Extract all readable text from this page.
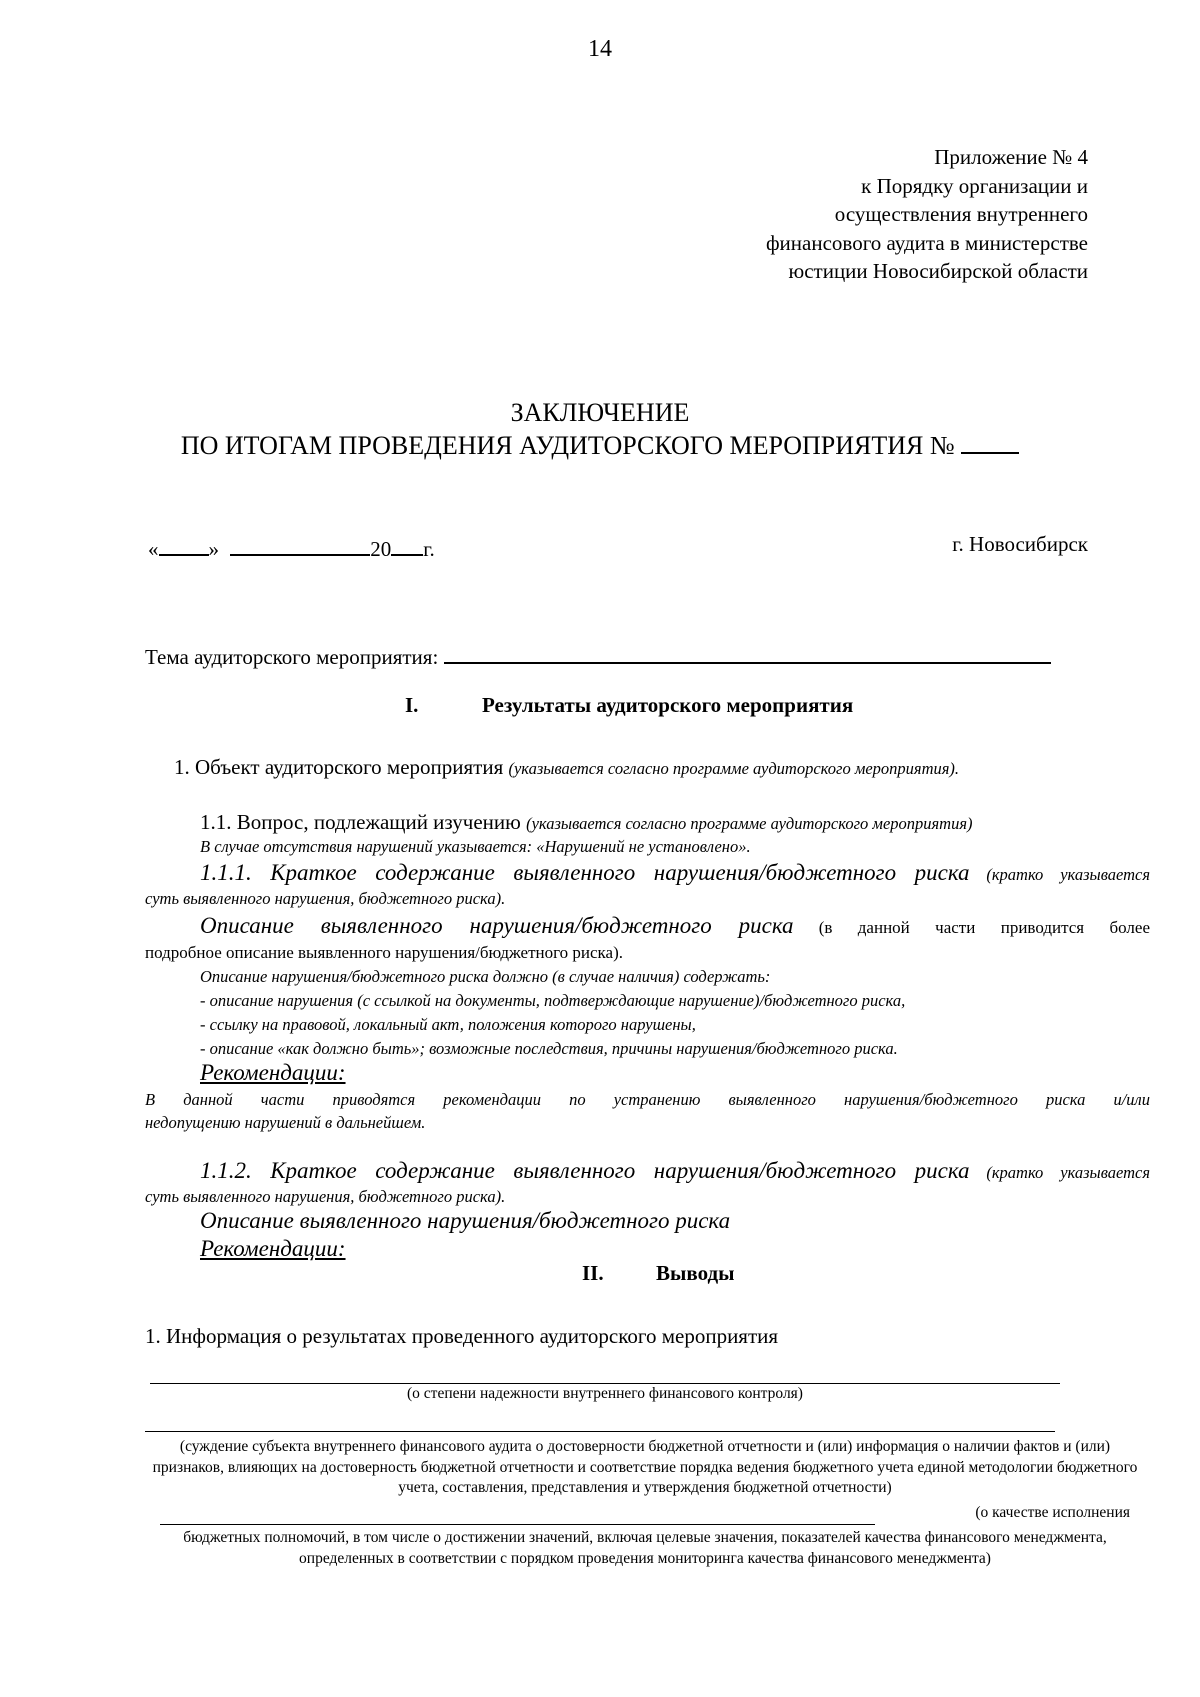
14
Приложение № 4
к Порядку организации и
осуществления внутреннего
финансового аудита в министерстве
юстиции Новосибирской области
ЗАКЛЮЧЕНИЕ
ПО ИТОГАМ ПРОВЕДЕНИЯ АУДИТОРСКОГО МЕРОПРИЯТИЯ №
« »	20 г.	г. Новосибирск
Тема аудиторского мероприятия:
I.	Результаты аудиторского мероприятия
1. Объект аудиторского мероприятия (указывается согласно программе аудиторского мероприятия).
1.1. Вопрос, подлежащий изучению (указывается согласно программе аудиторского мероприятия)
В случае отсутствия нарушений указывается: «Нарушений не установлено».
1.1.1. Краткое содержание выявленного нарушения/бюджетного риска (кратко указывается
суть выявленного нарушения, бюджетного риска).
Описание выявленного нарушения/бюджетного риска (в данной части приводится более
подробное описание выявленного нарушения/бюджетного риска).
Описание нарушения/бюджетного риска должно (в случае наличия) содержать:
- описание нарушения (с ссылкой на документы, подтверждающие нарушение)/бюджетного риска,
- ссылку на правовой, локальный акт, положения которого нарушены,
- описание «как должно быть»; возможные последствия, причины нарушения/бюджетного риска.
Рекомендации:
В данной части приводятся рекомендации по устранению выявленного нарушения/бюджетного риска и/или
недопущению нарушений в дальнейшем.
1.1.2. Краткое содержание выявленного нарушения/бюджетного риска (кратко указывается
суть выявленного нарушения, бюджетного риска).
Описание выявленного нарушения/бюджетного риска
Рекомендации:
II. Выводы
1. Информация о результатах проведенного аудиторского мероприятия
(о степени надежности внутреннего финансового контроля)
(суждение субъекта внутреннего финансового аудита о достоверности бюджетной отчетности и (или) информация о наличии фактов и (или) признаков, влияющих на достоверность бюджетной отчетности и соответствие порядка ведения бюджетного учета единой методологии бюджетного учета, составления, представления и утверждения бюджетной отчетности)
(о качестве исполнения
бюджетных полномочий, в том числе о достижении значений, включая целевые значения, показателей качества финансового менеджмента, определенных в соответствии с порядком проведения мониторинга качества финансового менеджмента)
